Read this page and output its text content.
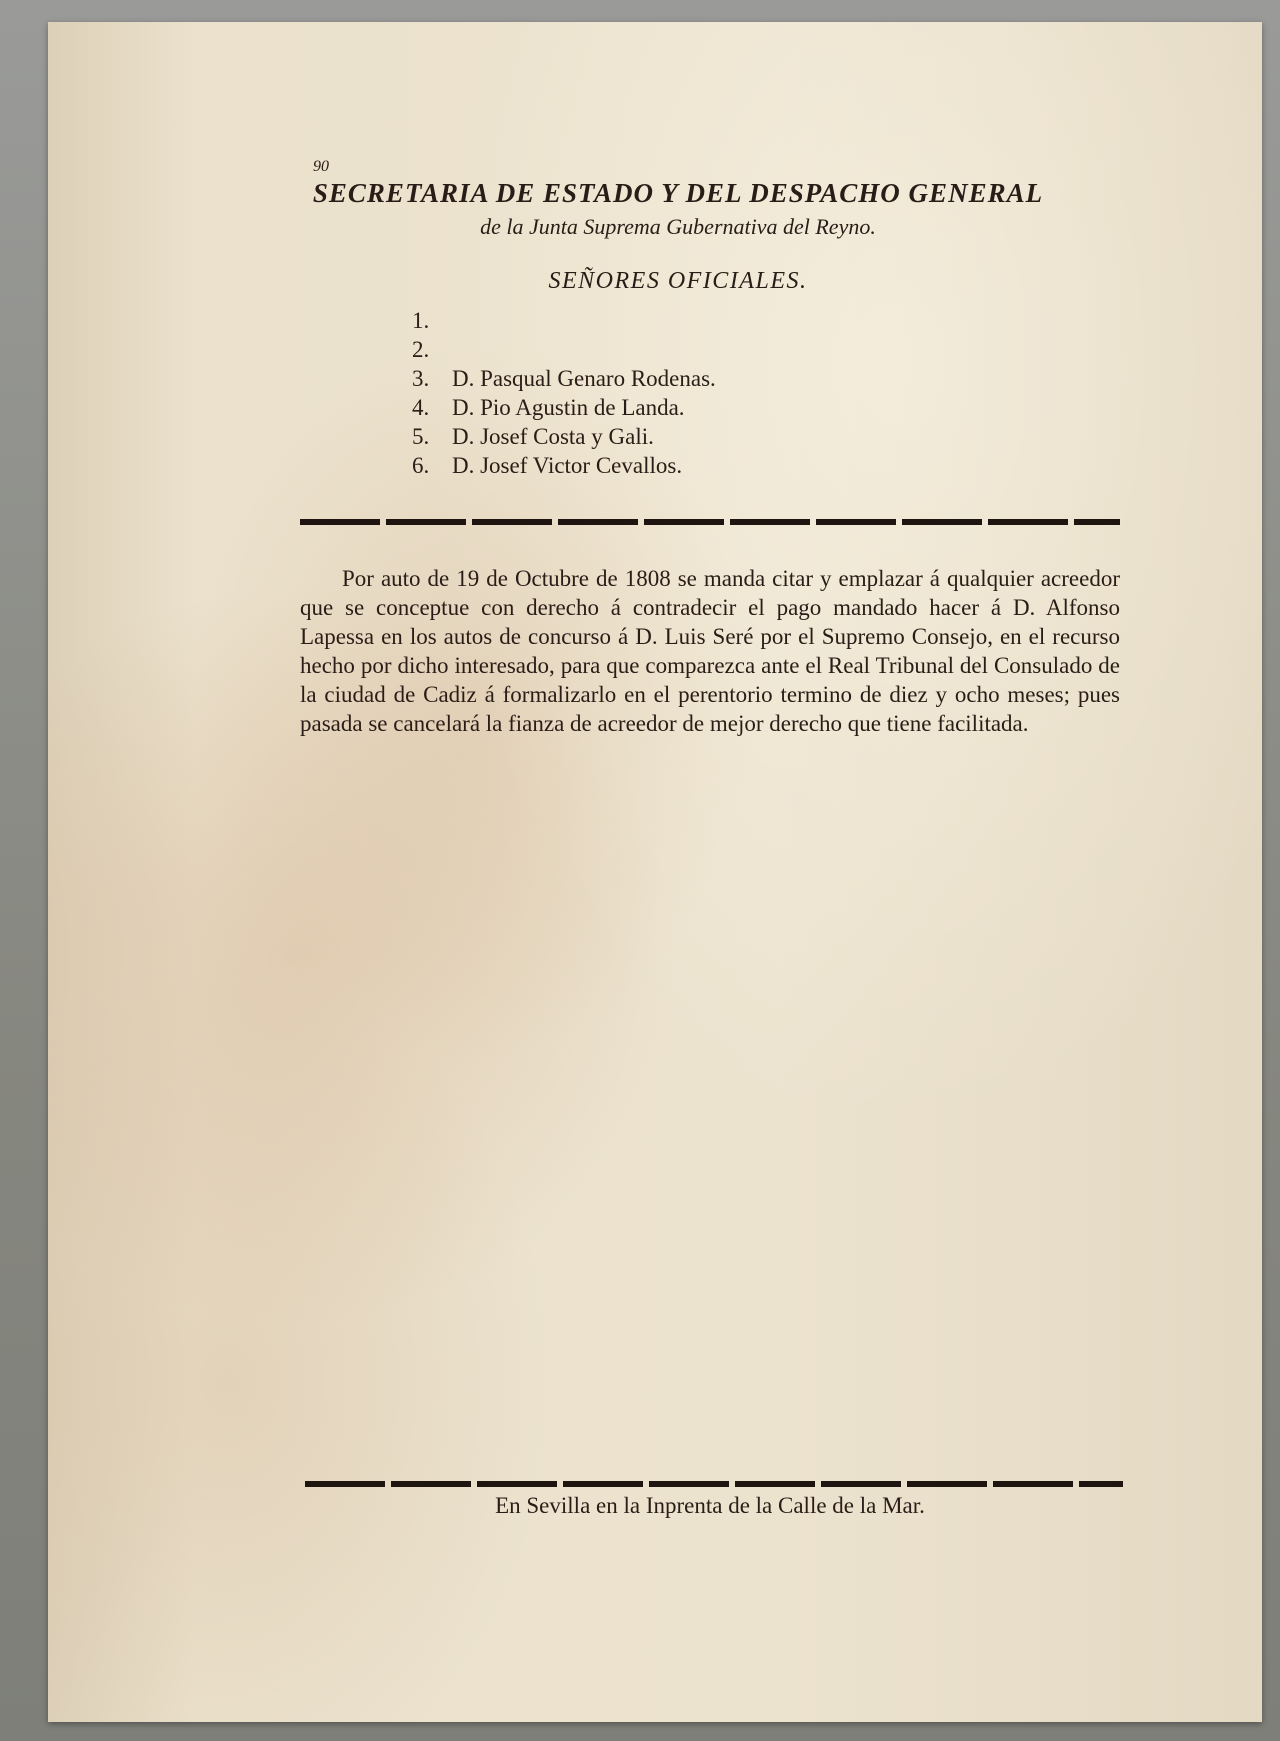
90
SECRETARIA DE ESTADO Y DEL DESPACHO GENERAL
de la Junta Suprema Gubernativa del Reyno.
SEÑORES OFICIALES.
1.
2.
3. D. Pasqual Genaro Rodenas.
4. D. Pio Agustin de Landa.
5. D. Josef Costa y Gali.
6. D. Josef Victor Cevallos.

Por auto de 19 de Octubre de 1808 se manda citar y emplazar á qualquier acreedor que se conceptue con derecho á contradecir el pago mandado hacer á D. Alfonso Lapessa en los autos de concurso á D. Luis Seré por el Supremo Consejo, en el recurso hecho por dicho interesado, para que comparezca ante el Real Tribunal del Consulado de la ciudad de Cadiz á formalizarlo en el perentorio termino de diez y ocho meses; pues pasada se cancelará la fianza de acreedor de mejor derecho que tiene facilitada.

En Sevilla en la Inprenta de la Calle de la Mar.
